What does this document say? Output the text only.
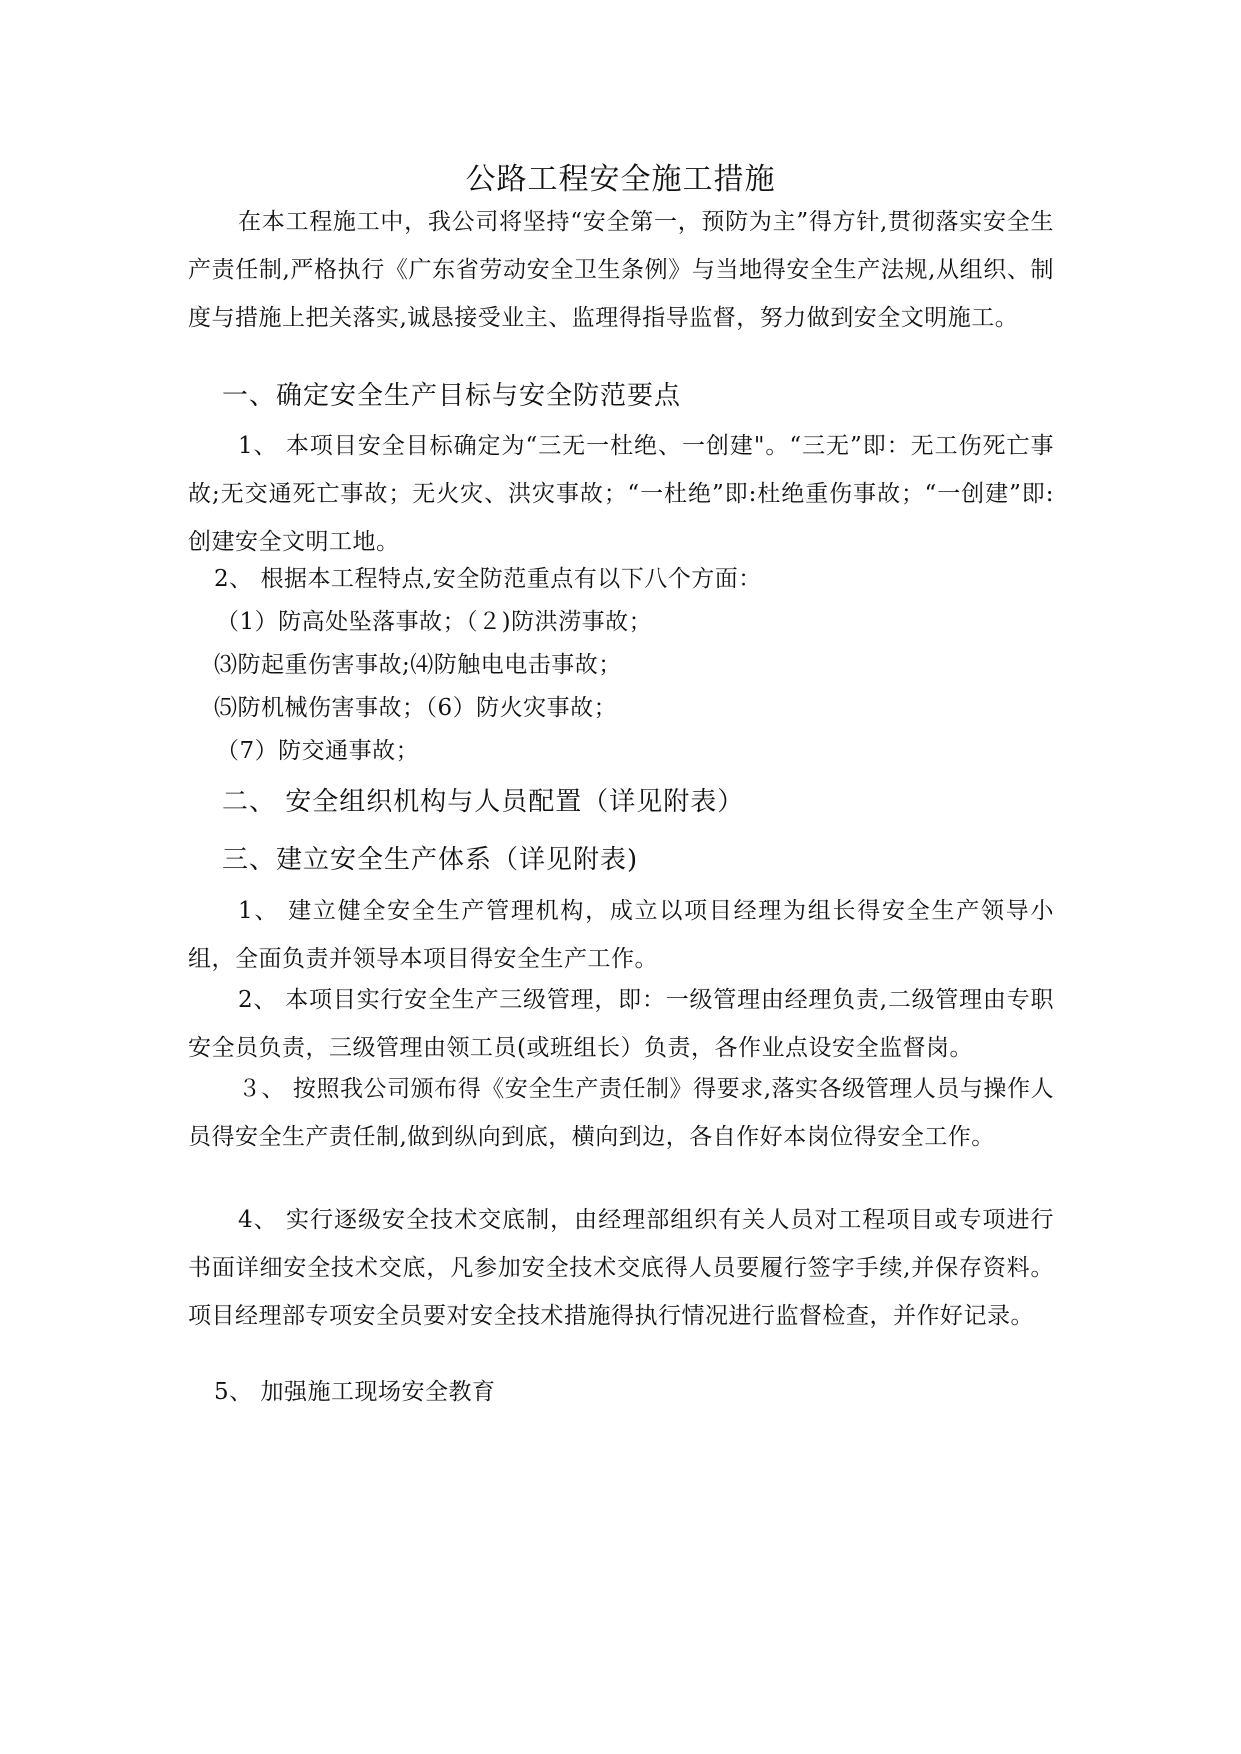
公路工程安全施工措施
在本工程施工中，我公司将坚持“安全第一，预防为主”得方针,贯彻落实安全生产责任制,严格执行《广东省劳动安全卫生条例》与当地得安全生产法规,从组织、制度与措施上把关落实,诚恳接受业主、监理得指导监督，努力做到安全文明施工。
一、确定安全生产目标与安全防范要点
1、 本项目安全目标确定为“三无一杜绝、一创建"。“三无”即：无工伤死亡事故;无交通死亡事故；无火灾、洪灾事故；“一杜绝”即:杜绝重伤事故；“一创建”即:创建安全文明工地。
2、 根据本工程特点,安全防范重点有以下八个方面：
（1）防高处坠落事故；（２)防洪涝事故；
⑶防起重伤害事故;⑷防触电电击事故；
⑸防机械伤害事故；（6）防火灾事故；
（7）防交通事故；
二、 安全组织机构与人员配置（详见附表）
三、建立安全生产体系（详见附表)
1、 建立健全安全生产管理机构，成立以项目经理为组长得安全生产领导小组，全面负责并领导本项目得安全生产工作。
2、 本项目实行安全生产三级管理，即：一级管理由经理负责,二级管理由专职安全员负责，三级管理由领工员(或班组长）负责，各作业点设安全监督岗。
３、 按照我公司颁布得《安全生产责任制》得要求,落实各级管理人员与操作人员得安全生产责任制,做到纵向到底，横向到边，各自作好本岗位得安全工作。
4、 实行逐级安全技术交底制，由经理部组织有关人员对工程项目或专项进行书面详细安全技术交底，凡参加安全技术交底得人员要履行签字手续,并保存资料。项目经理部专项安全员要对安全技术措施得执行情况进行监督检查，并作好记录。
5、 加强施工现场安全教育
